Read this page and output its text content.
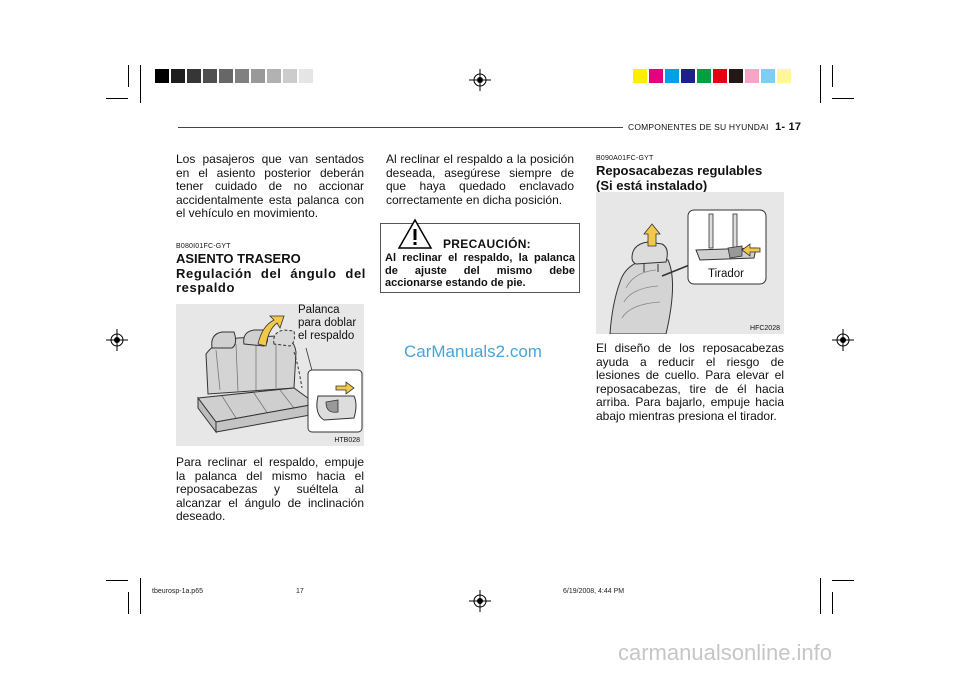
COMPONENTES DE SU HYUNDAI 1- 17
Los pasajeros que van sentados en el asiento posterior deberán tener cuidado de no accionar accidentalmente esta palanca con el vehículo en movimiento.
B080I01FC-GYT
ASIENTO TRASERO
Regulación del ángulo del respaldo
Palanca para doblar el respaldo
HTB028
Para reclinar el respaldo, empuje la palanca del mismo hacia el reposacabezas y suéltela al alcanzar el ángulo de inclinación deseado.
Al reclinar el respaldo a la posición deseada, asegúrese siempre de que haya quedado enclavado correctamente en dicha posición.
PRECAUCIÓN:
Al reclinar el respaldo, la palanca de ajuste del mismo debe accionarse estando de pie.
CarManuals2.com
B090A01FC-GYT
Reposacabezas regulables
(Si está instalado)
Tirador
HFC2028
El diseño de los reposacabezas ayuda a reducir el riesgo de lesiones de cuello. Para elevar el reposacabezas, tire de él hacia arriba. Para bajarlo, empuje hacia abajo mientras presiona el tirador.
tbeurosp-1a.p65	17	6/19/2008, 4:44 PM
carmanualsonline.info
